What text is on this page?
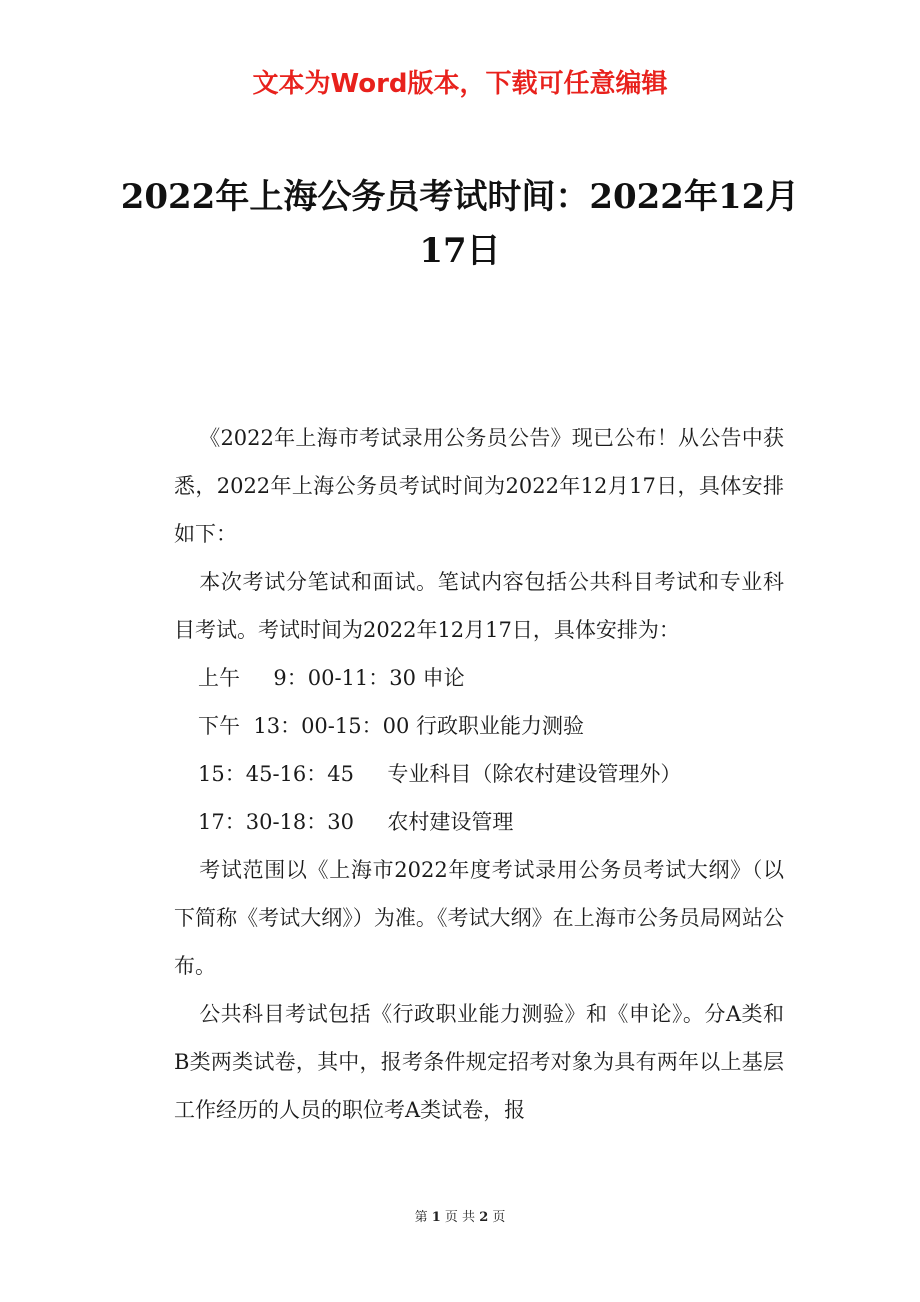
文本为Word版本，下载可任意编辑
2022年上海公务员考试时间：2022年12月17日

《2022年上海市考试录用公务员公告》现已公布！从公告中获悉，2022年上海公务员考试时间为2022年12月17日，具体安排如下：

本次考试分笔试和面试。笔试内容包括公共科目考试和专业科目考试。考试时间为2022年12月17日，具体安排为：

上午     9：00-11：30 申论
下午  13：00-15：00 行政职业能力测验
15：45-16：45     专业科目（除农村建设管理外）
17：30-18：30     农村建设管理

考试范围以《上海市2022年度考试录用公务员考试大纲》（以下简称《考试大纲》）为准。《考试大纲》在上海市公务员局网站公布。

公共科目考试包括《行政职业能力测验》和《申论》。分A类和B类两类试卷，其中，报考条件规定招考对象为具有两年以上基层工作经历的人员的职位考A类试卷，报

第 1 页 共 2 页
